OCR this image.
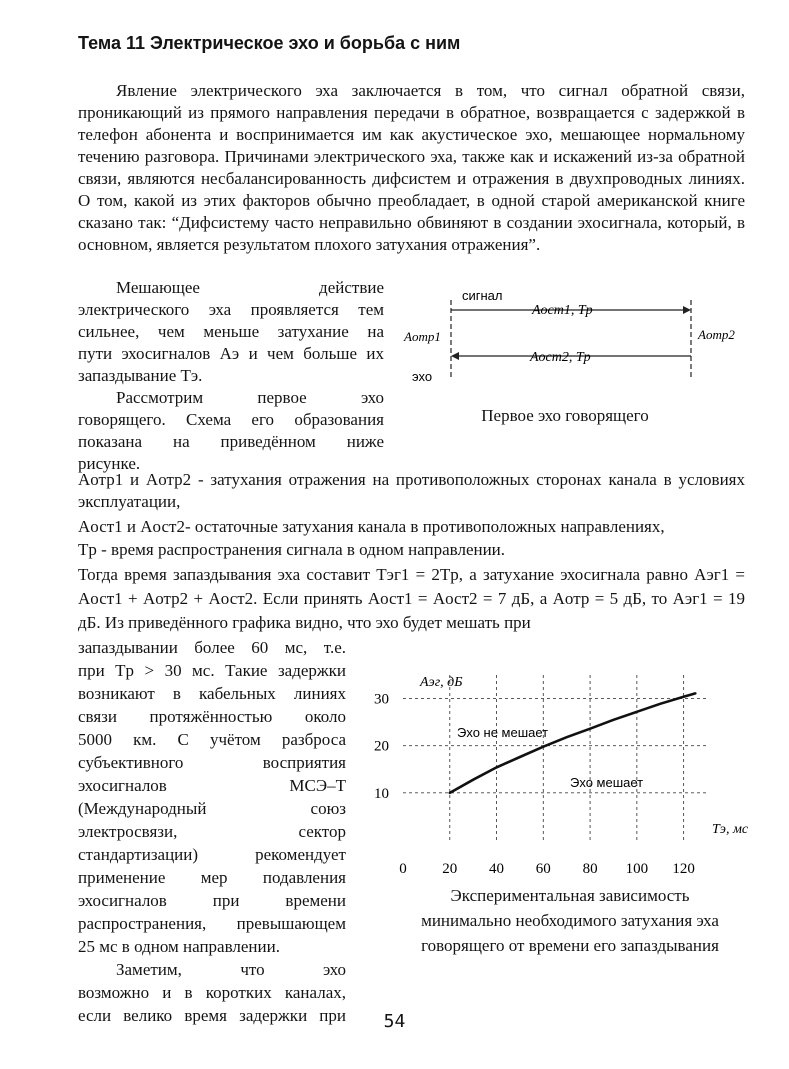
Тема 11 Электрическое эхо и борьба с ним

Явление электрического эха заключается в том, что сигнал обратной связи, проникающий из прямого направления передачи в обратное, возвращается с задержкой в телефон абонента и воспринимается им как акустическое эхо, мешающее нормальному течению разговора. Причинами электрического эха, также как и искажений из-за обратной связи, являются несбалансированность дифсистем и отражения в двухпроводных линиях. О том, какой из этих факторов обычно преобладает, в одной старой американской книге сказано так: “Дифсистему часто неправильно обвиняют в создании эхосигнала, который, в основном, является результатом плохого затухания отражения”.

Мешающее действие

электрического эха проявляется тем

сильнее, чем меньше затухание на

пути эхосигналов Aэ и чем больше их

запаздывание Tэ.

Рассмотрим первое эхо

говорящего. Схема его образования

показана на приведённом ниже

рисунке.

сигнал
эхо
Aотр1	Aотр2
Aост1, Tр
Aост2, Tр
Первое эхо говорящего

Aотр1 и Aотр2 - затухания отражения на противоположных сторонах канала в условиях эксплуатации,

Aост1 и Aост2- остаточные затухания канала в противоположных направлениях,

Tр - время распространения сигнала в одном направлении.

Тогда время запаздывания эха составит Tэг1 = 2Tр, а затухание эхосигнала равно Aэг1 = Aост1 + Aотр2 + Aост2. Если принять Aост1 = Aост2 = 7 дБ, а Aотр = 5 дБ, то Aэг1 = 19 дБ. Из приведённого графика видно, что эхо будет мешать при

запаздывании более 60 мс, т.е.

при Tр > 30 мс. Такие задержки

возникают в кабельных линиях

связи протяжённостью около

5000 км. С учётом разброса

субъективного восприятия

эхосигналов МСЭ–Т

(Международный союз

электросвязи, сектор

стандартизации) рекомендует

применение мер подавления

эхосигналов при времени

распространения, превышающем

25 мс в одном направлении.

Заметим, что эхо

возможно и в коротких каналах,

если велико время задержки при

Aэг, дБ
Tэ, мс
Эхо не мешает
Эхо мешает
0 20 40 60 80 100 120
10
20
30
Экспериментальная зависимость
минимально необходимого затухания эха
говорящего от времени его запаздывания
54
